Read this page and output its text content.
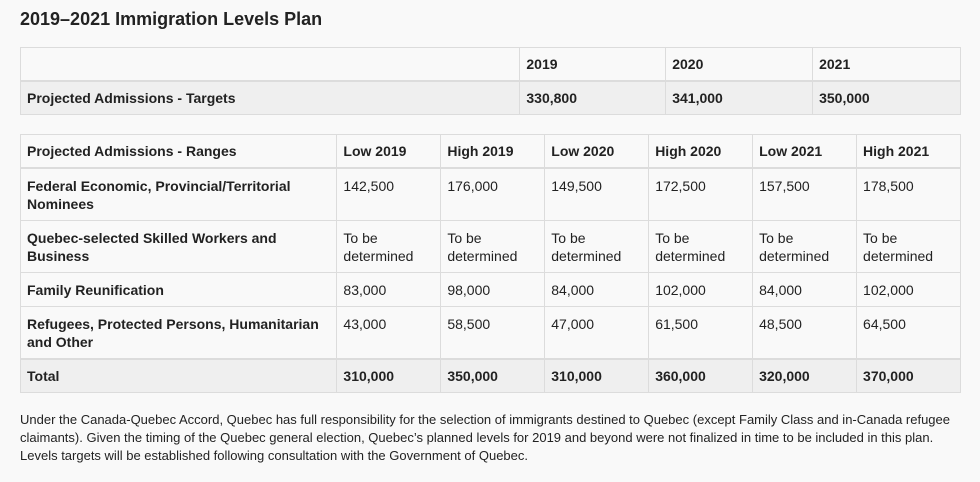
2019–2021 Immigration Levels Plan
	2019	2020	2021
Projected Admissions - Targets	330,800	341,000	350,000
Projected Admissions - Ranges	Low 2019	High 2019	Low 2020	High 2020	Low 2021	High 2021
Federal Economic, Provincial/Territorial Nominees	142,500	176,000	149,500	172,500	157,500	178,500
Quebec-selected Skilled Workers and Business	To be determined	To be determined	To be determined	To be determined	To be determined	To be determined
Family Reunification	83,000	98,000	84,000	102,000	84,000	102,000
Refugees, Protected Persons, Humanitarian and Other	43,000	58,500	47,000	61,500	48,500	64,500
Total	310,000	350,000	310,000	360,000	320,000	370,000

Under the Canada-Quebec Accord, Quebec has full responsibility for the selection of immigrants destined to Quebec (except Family Class and in-Canada refugee claimants). Given the timing of the Quebec general election, Quebec’s planned levels for 2019 and beyond were not finalized in time to be included in this plan. Levels targets will be established following consultation with the Government of Quebec.
